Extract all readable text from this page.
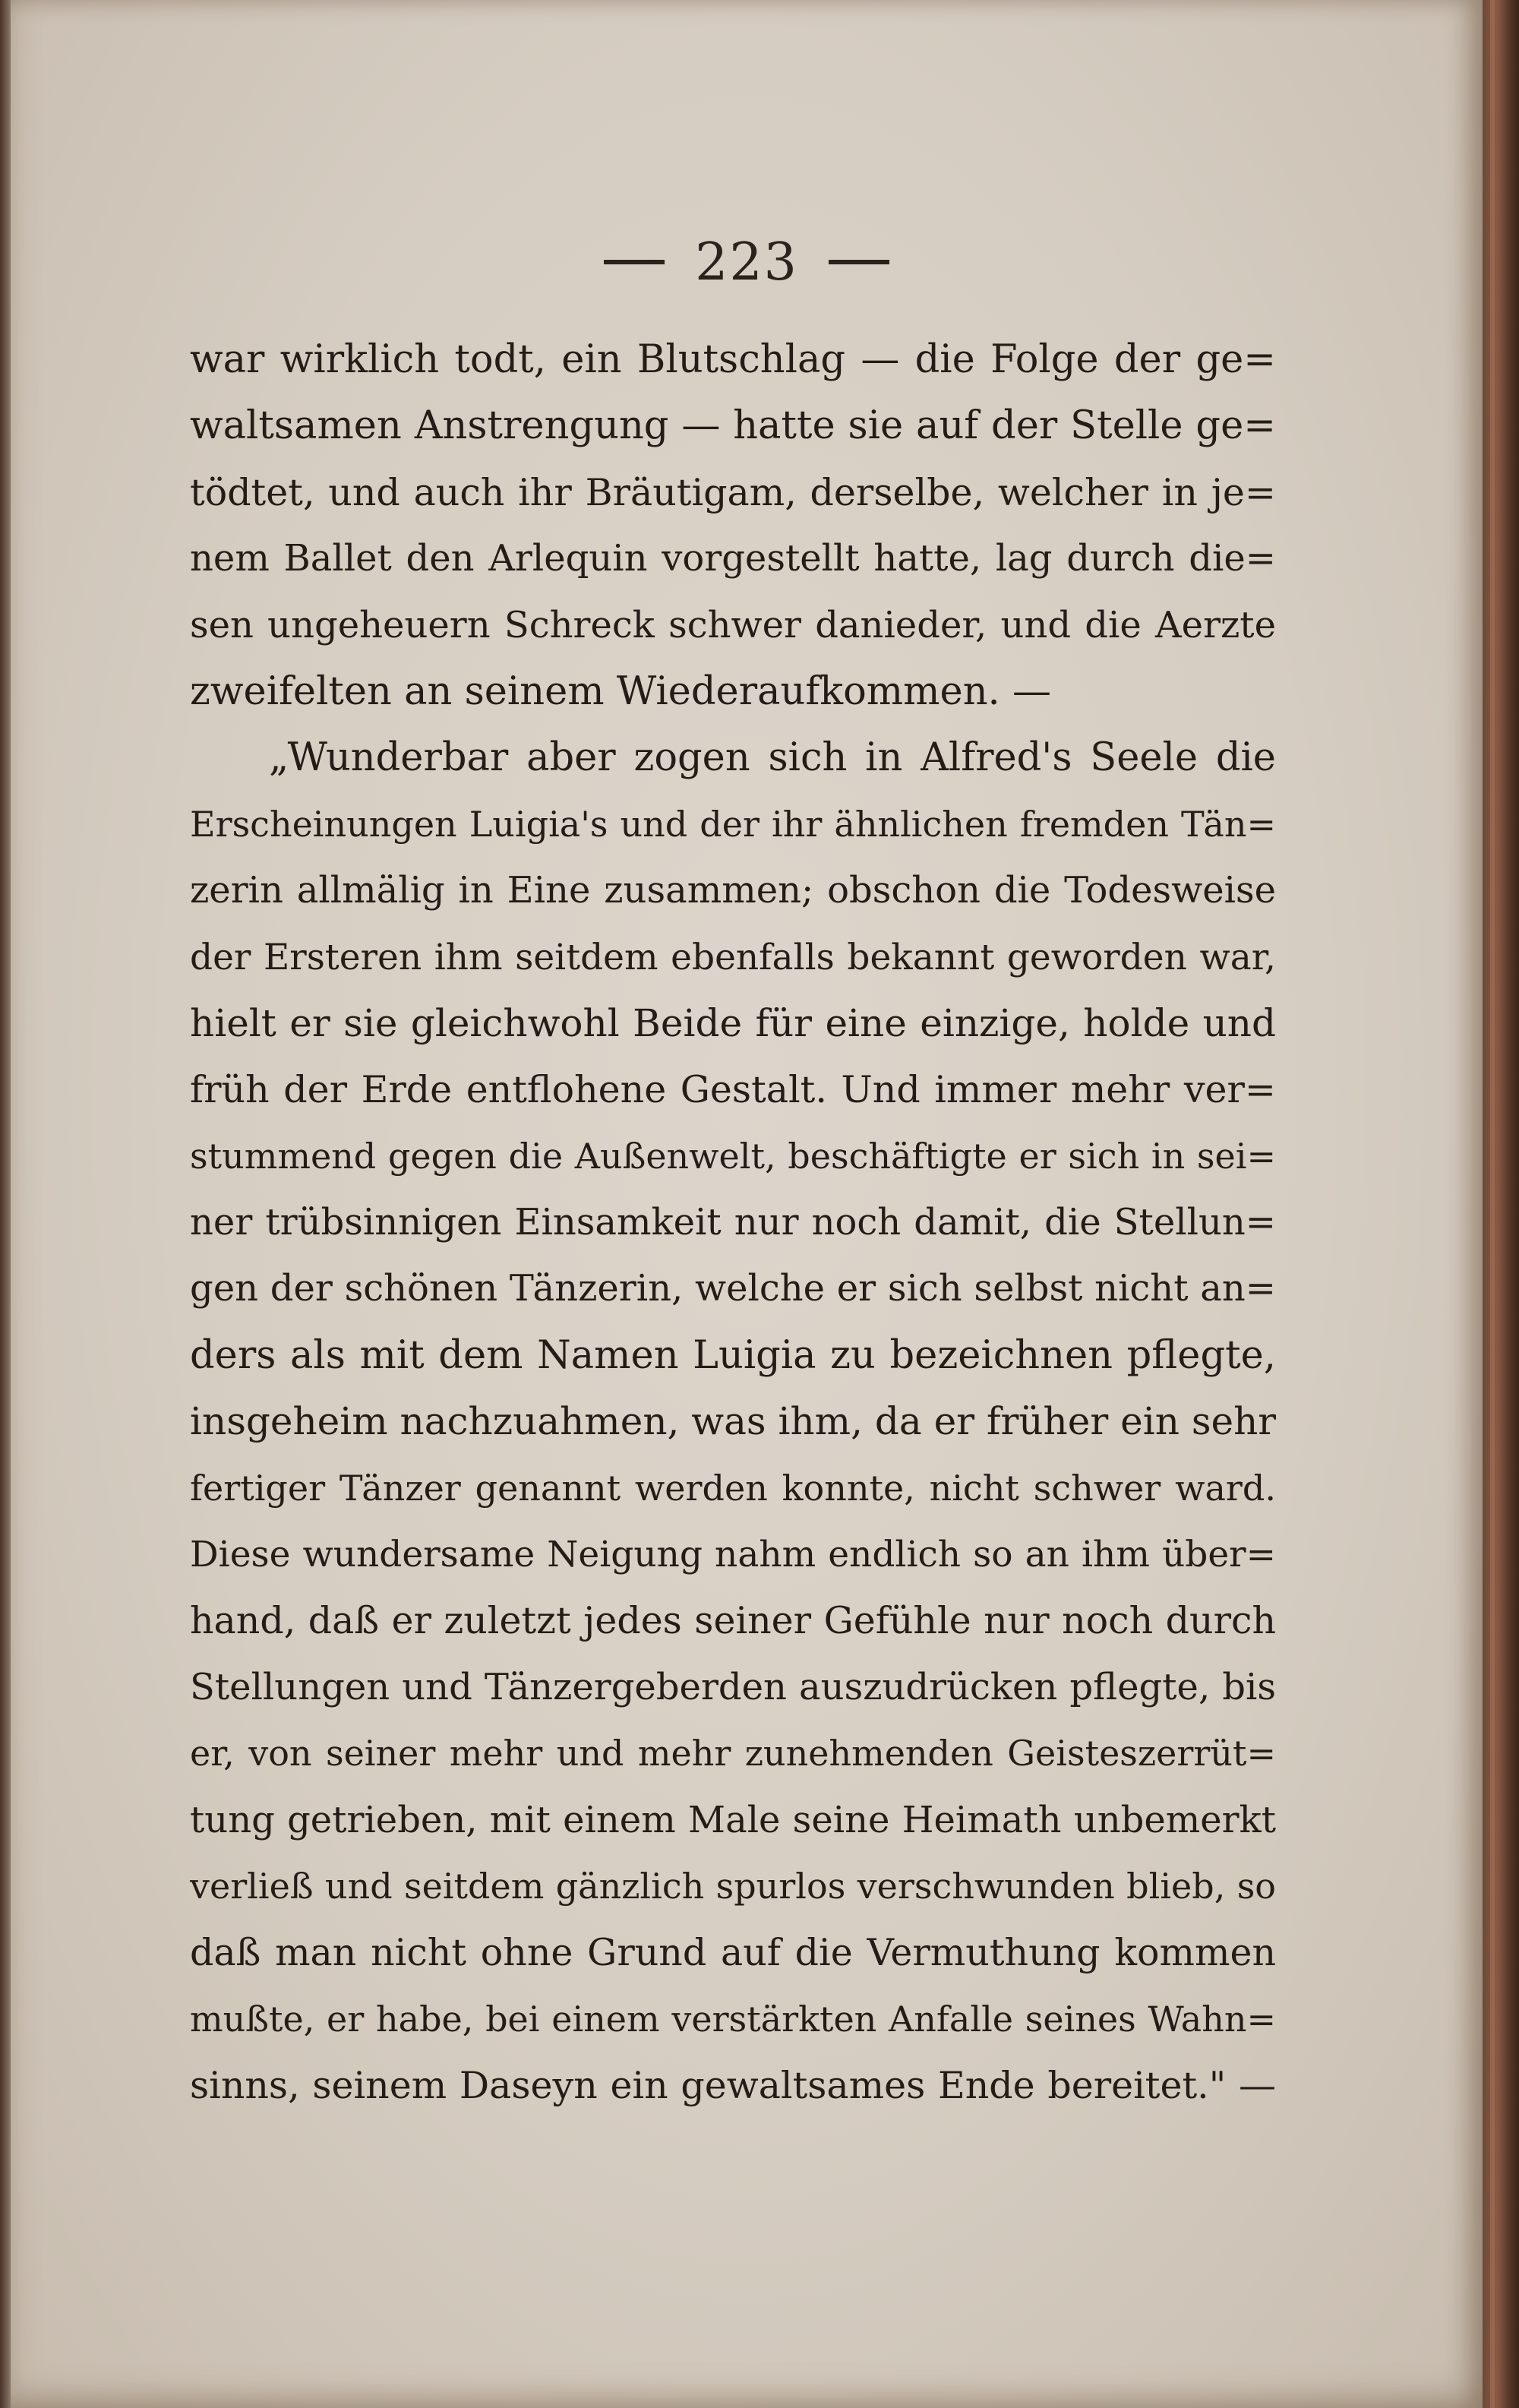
223
war wirklich todt, ein Blutschlag — die Folge der ge=
waltsamen Anstrengung — hatte sie auf der Stelle ge=
tödtet, und auch ihr Bräutigam, derselbe, welcher in je=
nem Ballet den Arlequin vorgestellt hatte, lag durch die=
sen ungeheuern Schreck schwer danieder, und die Aerzte
zweifelten an seinem Wiederaufkommen. —
„Wunderbar aber zogen sich in Alfred's Seele die
Erscheinungen Luigia's und der ihr ähnlichen fremden Tän=
zerin allmälig in Eine zusammen; obschon die Todesweise
der Ersteren ihm seitdem ebenfalls bekannt geworden war,
hielt er sie gleichwohl Beide für eine einzige, holde und
früh der Erde entflohene Gestalt. Und immer mehr ver=
stummend gegen die Außenwelt, beschäftigte er sich in sei=
ner trübsinnigen Einsamkeit nur noch damit, die Stellun=
gen der schönen Tänzerin, welche er sich selbst nicht an=
ders als mit dem Namen Luigia zu bezeichnen pflegte,
insgeheim nachzuahmen, was ihm, da er früher ein sehr
fertiger Tänzer genannt werden konnte, nicht schwer ward.
Diese wundersame Neigung nahm endlich so an ihm über=
hand, daß er zuletzt jedes seiner Gefühle nur noch durch
Stellungen und Tänzergeberden auszudrücken pflegte, bis
er, von seiner mehr und mehr zunehmenden Geisteszerrüt=
tung getrieben, mit einem Male seine Heimath unbemerkt
verließ und seitdem gänzlich spurlos verschwunden blieb, so
daß man nicht ohne Grund auf die Vermuthung kommen
mußte, er habe, bei einem verstärkten Anfalle seines Wahn=
sinns, seinem Daseyn ein gewaltsames Ende bereitet." —
